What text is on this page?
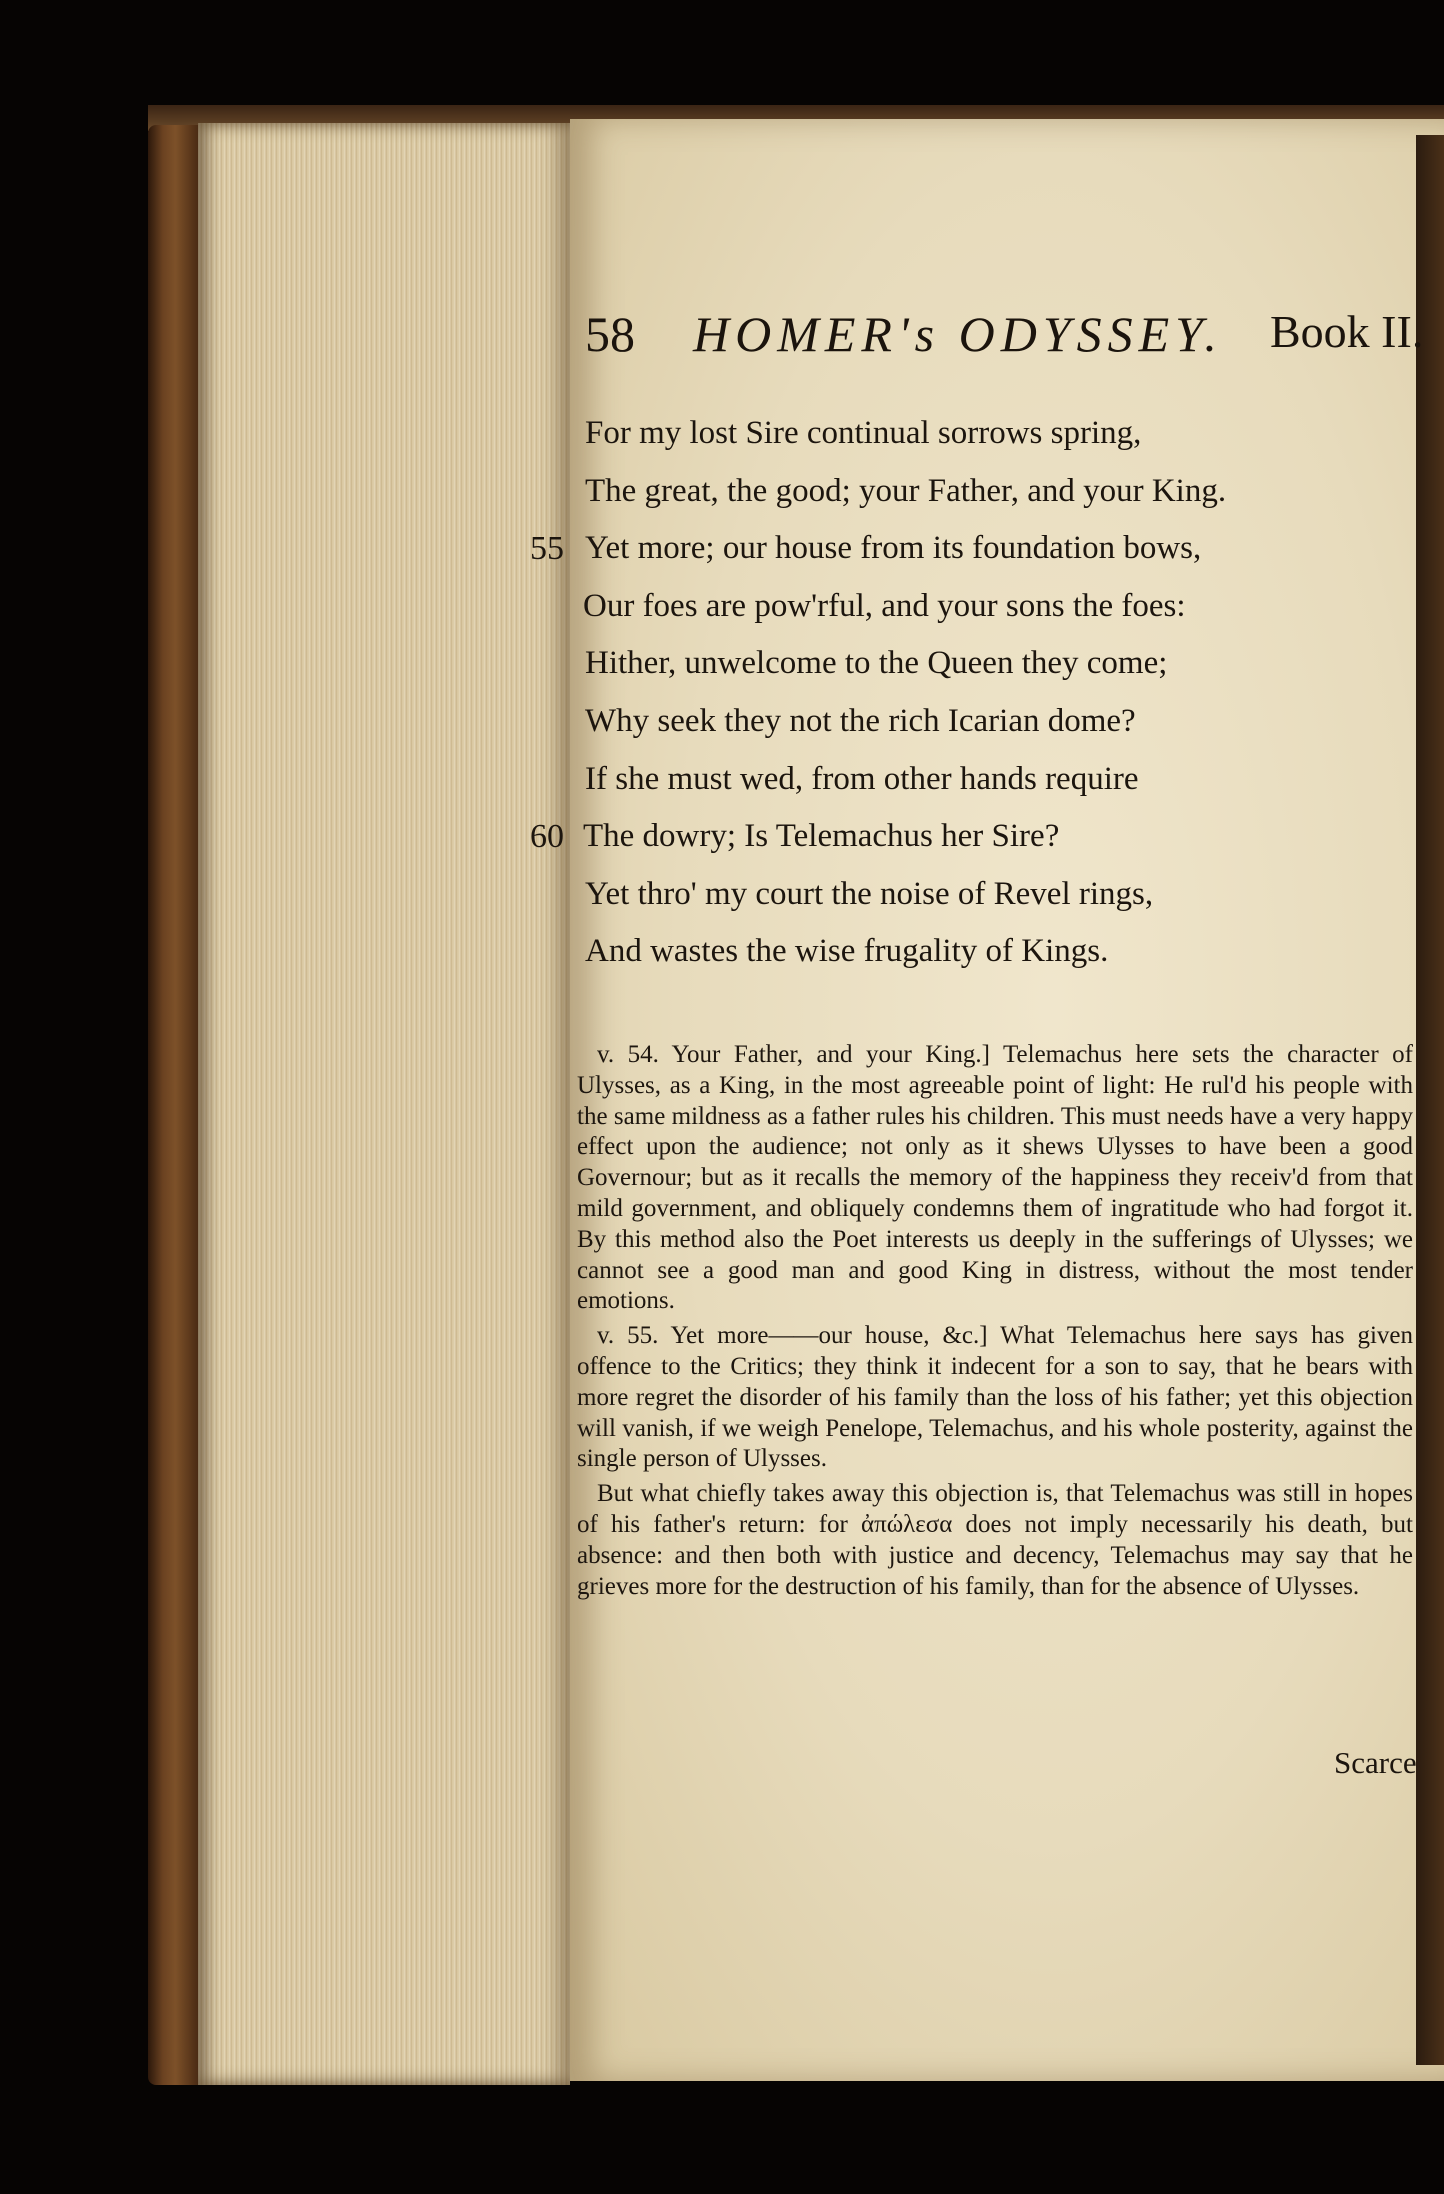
58 HOMER's ODYSSEY. Book II.
For my lost Sire continual sorrows spring,
The great, the good; your Father, and your King.
55 Yet more; our house from its foundation bows,
Our foes are pow'rful, and your sons the foes:
Hither, unwelcome to the Queen they come;
Why seek they not the rich Icarian dome?
If she must wed, from other hands require
60 The dowry; Is Telemachus her Sire?
Yet thro' my court the noise of Revel rings,
And wastes the wise frugality of Kings.

v. 54. Your Father, and your King.] Telemachus here sets the character of Ulysses, as a King, in the most agreeable point of light: He rul'd his people with the same mildness as a father rules his children. This must needs have a very happy effect upon the audience; not only as it shews Ulysses to have been a good Governour; but as it recalls the memory of the happiness they receiv'd from that mild government, and obliquely condemns them of ingratitude who had forgot it. By this method also the Poet interests us deeply in the sufferings of Ulysses; we cannot see a good man and good King in distress, without the most tender emotions.

v. 55. Yet more——our house, &c.] What Telemachus here says has given offence to the Critics; they think it indecent for a son to say, that he bears with more regret the disorder of his family than the loss of his father; yet this objection will vanish, if we weigh Penelope, Telemachus, and his whole posterity, against the single person of Ulysses.

But what chiefly takes away this objection is, that Telemachus was still in hopes of his father's return: for ἀπώλεσα does not imply necessarily his death, but absence: and then both with justice and decency, Telemachus may say that he grieves more for the destruction of his family, than for the absence of Ulysses.

Scarce
